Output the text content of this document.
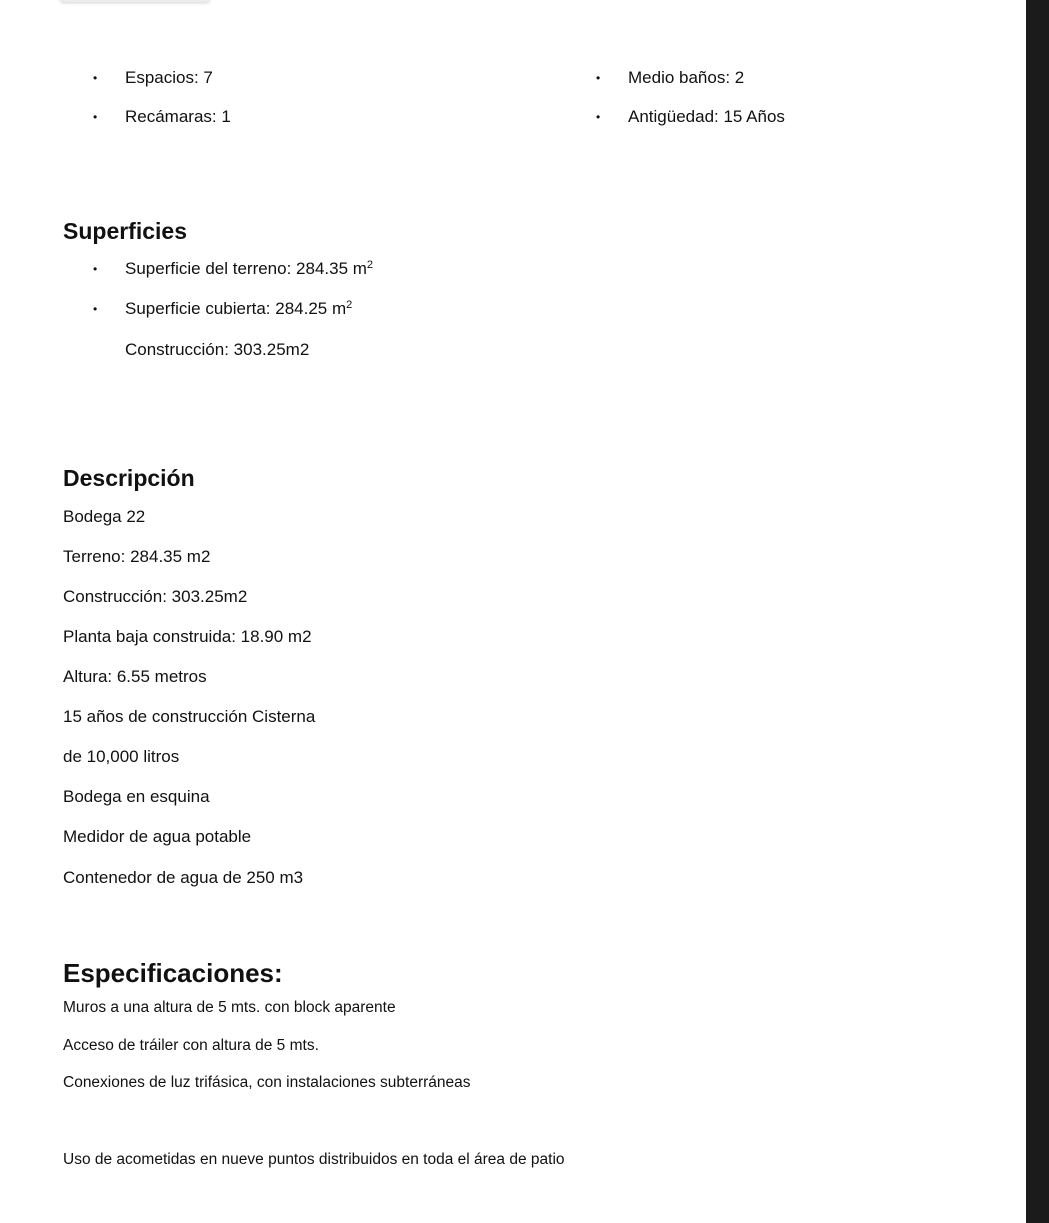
• Espacios: 7
• Recámaras: 1
• Medio baños: 2
• Antigüedad: 15 Años
Superficies
• Superficie del terreno: 284.35 $m^2$
• Superficie cubierta: 284.25 $m^2$
Construcción: 303.25m2
Descripción
Bodega 22
Terreno: 284.35 m2
Construcción: 303.25m2
Planta baja construida: 18.90 m2
Altura: 6.55 metros
15 años de construcción Cisterna
de 10,000 litros
Bodega en esquina
Medidor de agua potable
Contenedor de agua de 250 m3
Especificaciones:
Muros a una altura de 5 mts. con block aparente
Acceso de tráiler con altura de 5 mts.
Conexiones de luz trifásica, con instalaciones subterráneas
Uso de acometidas en nueve puntos distribuidos en toda el área de patio
